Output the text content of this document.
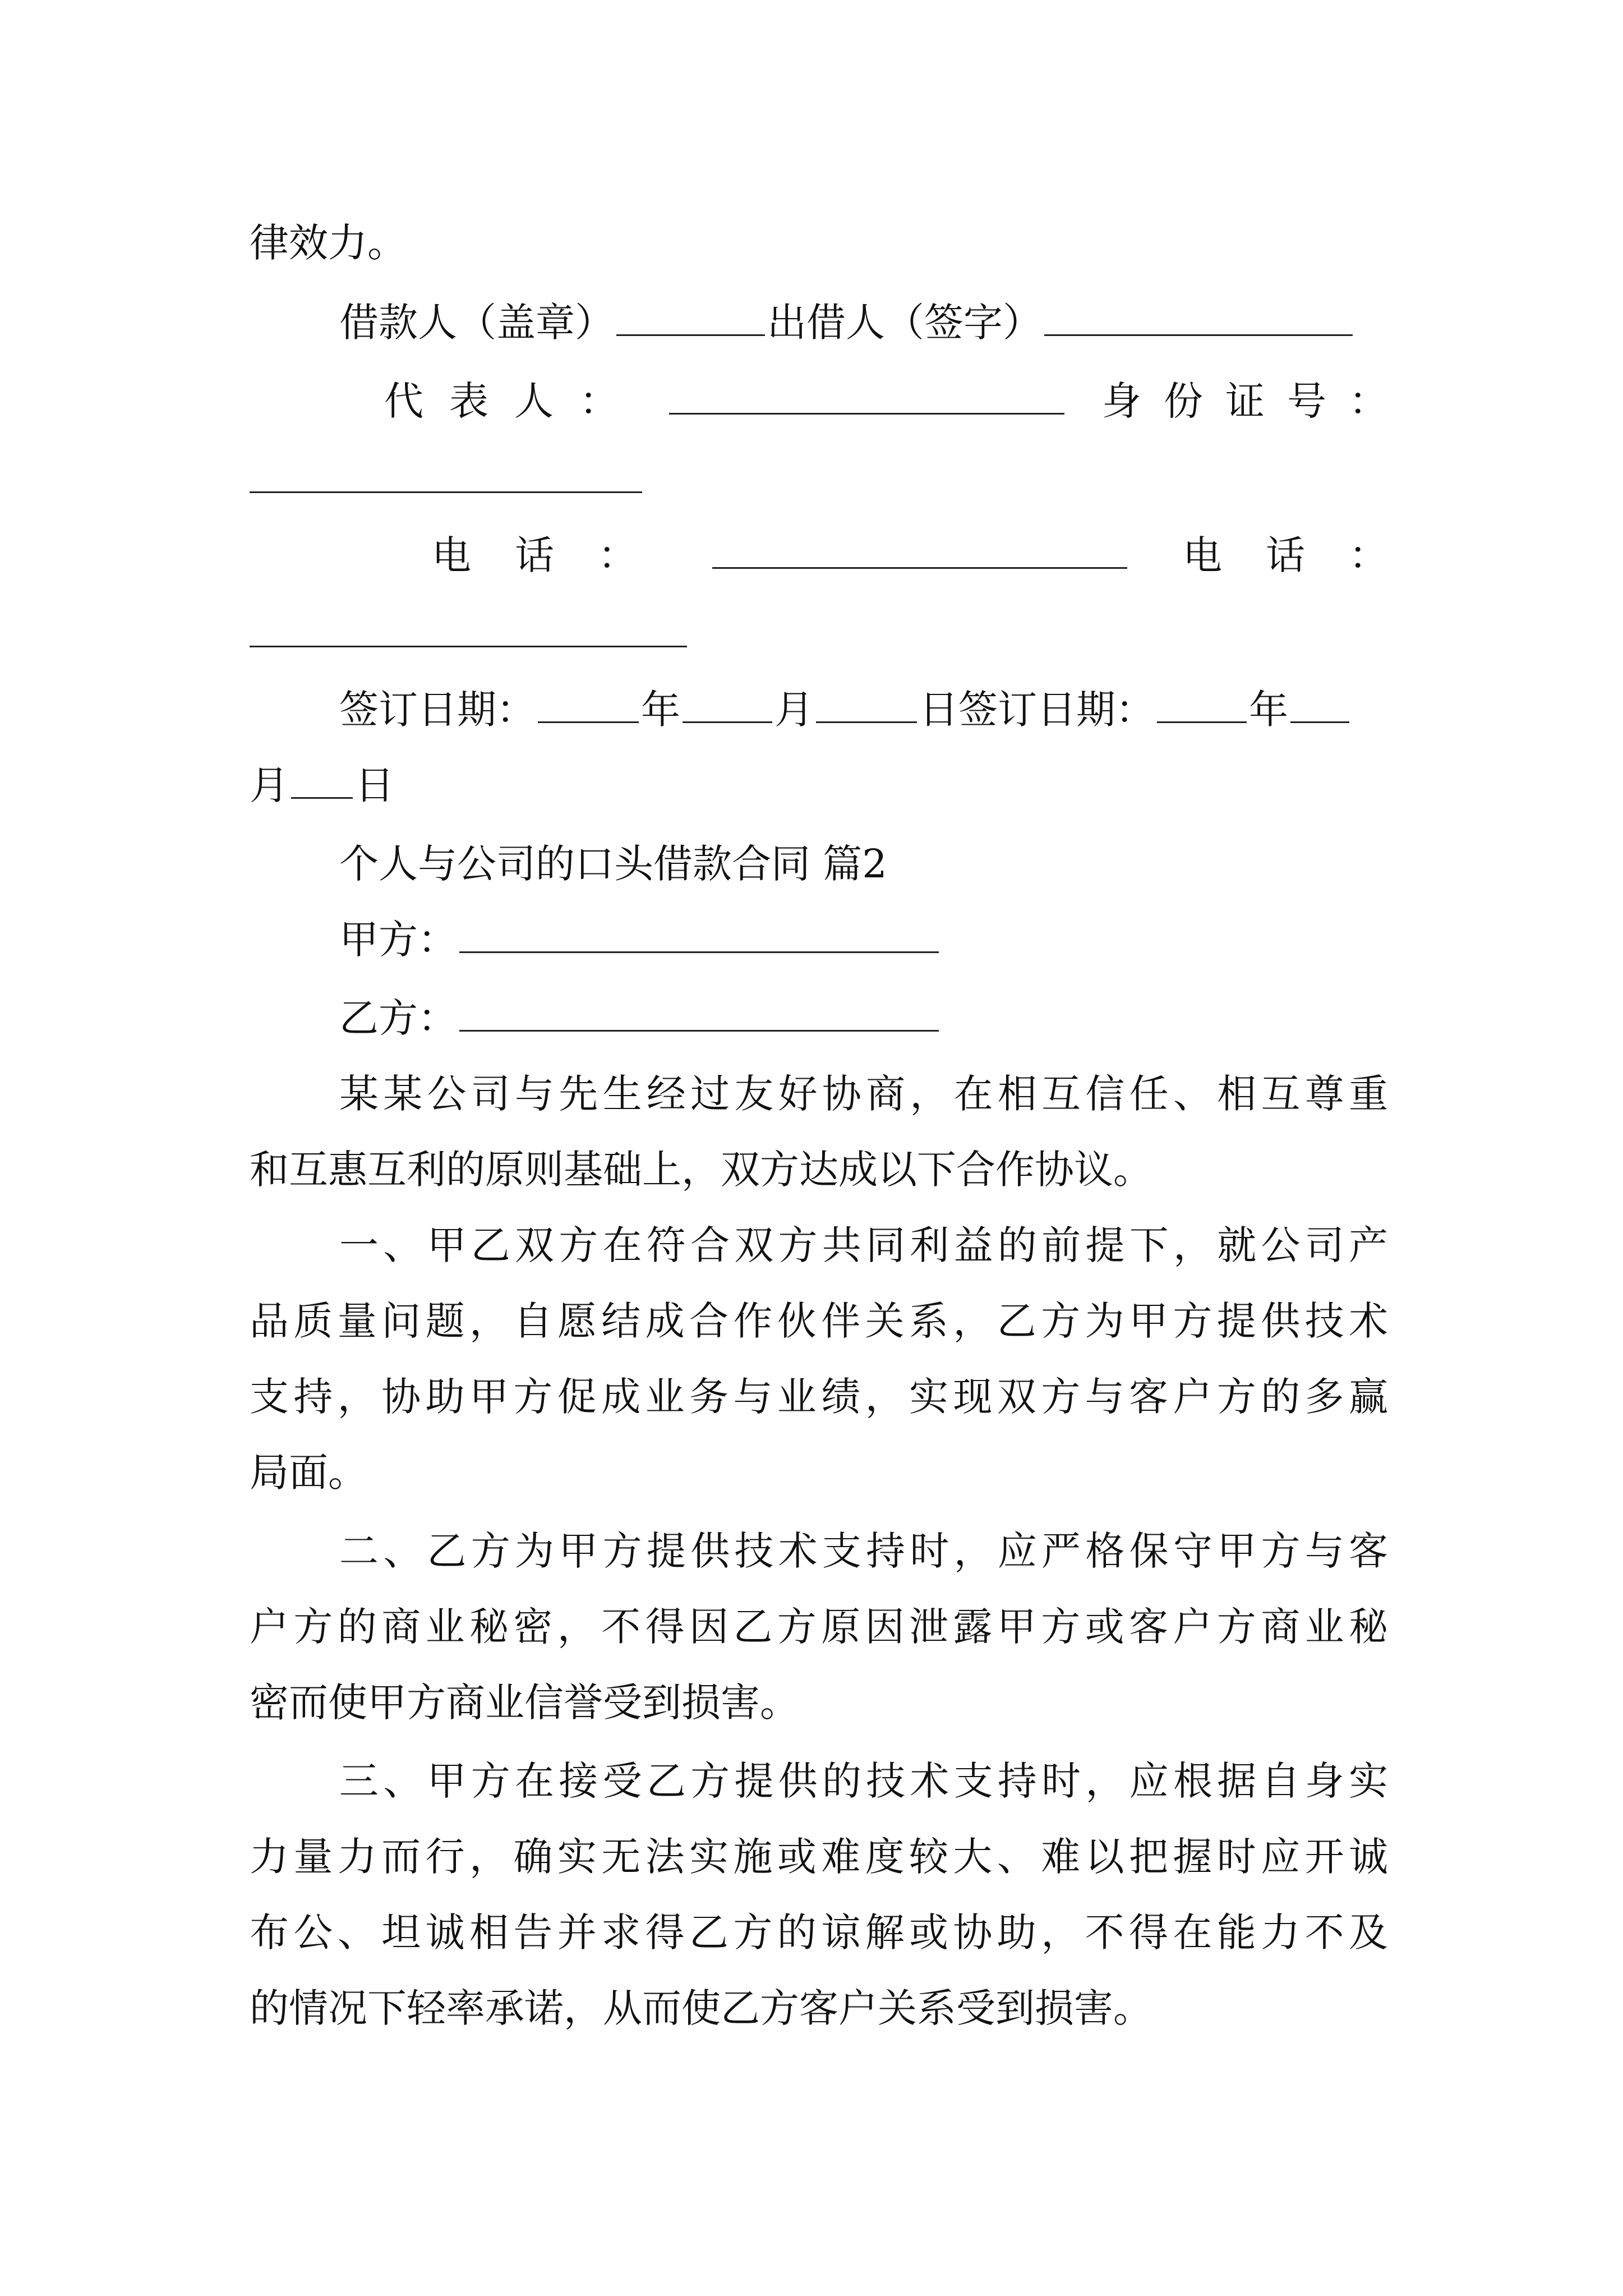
律效力。
借款人（盖章）	出借人（签字）
代表人：	身份证号：
电话：	电话：
签订日期：	年 月	日签订日期： 年
月 日
个人与公司的口头借款合同 篇2
甲方：
乙方：
某某公司与先生经过友好协商，在相互信任、相互尊重
和互惠互利的原则基础上，双方达成以下合作协议。
一、甲乙双方在符合双方共同利益的前提下，就公司产
品质量问题，自愿结成合作伙伴关系，乙方为甲方提供技术
支持，协助甲方促成业务与业绩，实现双方与客户方的多赢
局面。
二、乙方为甲方提供技术支持时，应严格保守甲方与客
户方的商业秘密，不得因乙方原因泄露甲方或客户方商业秘
密而使甲方商业信誉受到损害。
三、甲方在接受乙方提供的技术支持时，应根据自身实
力量力而行，确实无法实施或难度较大、难以把握时应开诚
布公、坦诚相告并求得乙方的谅解或协助，不得在能力不及
的情况下轻率承诺，从而使乙方客户关系受到损害。
